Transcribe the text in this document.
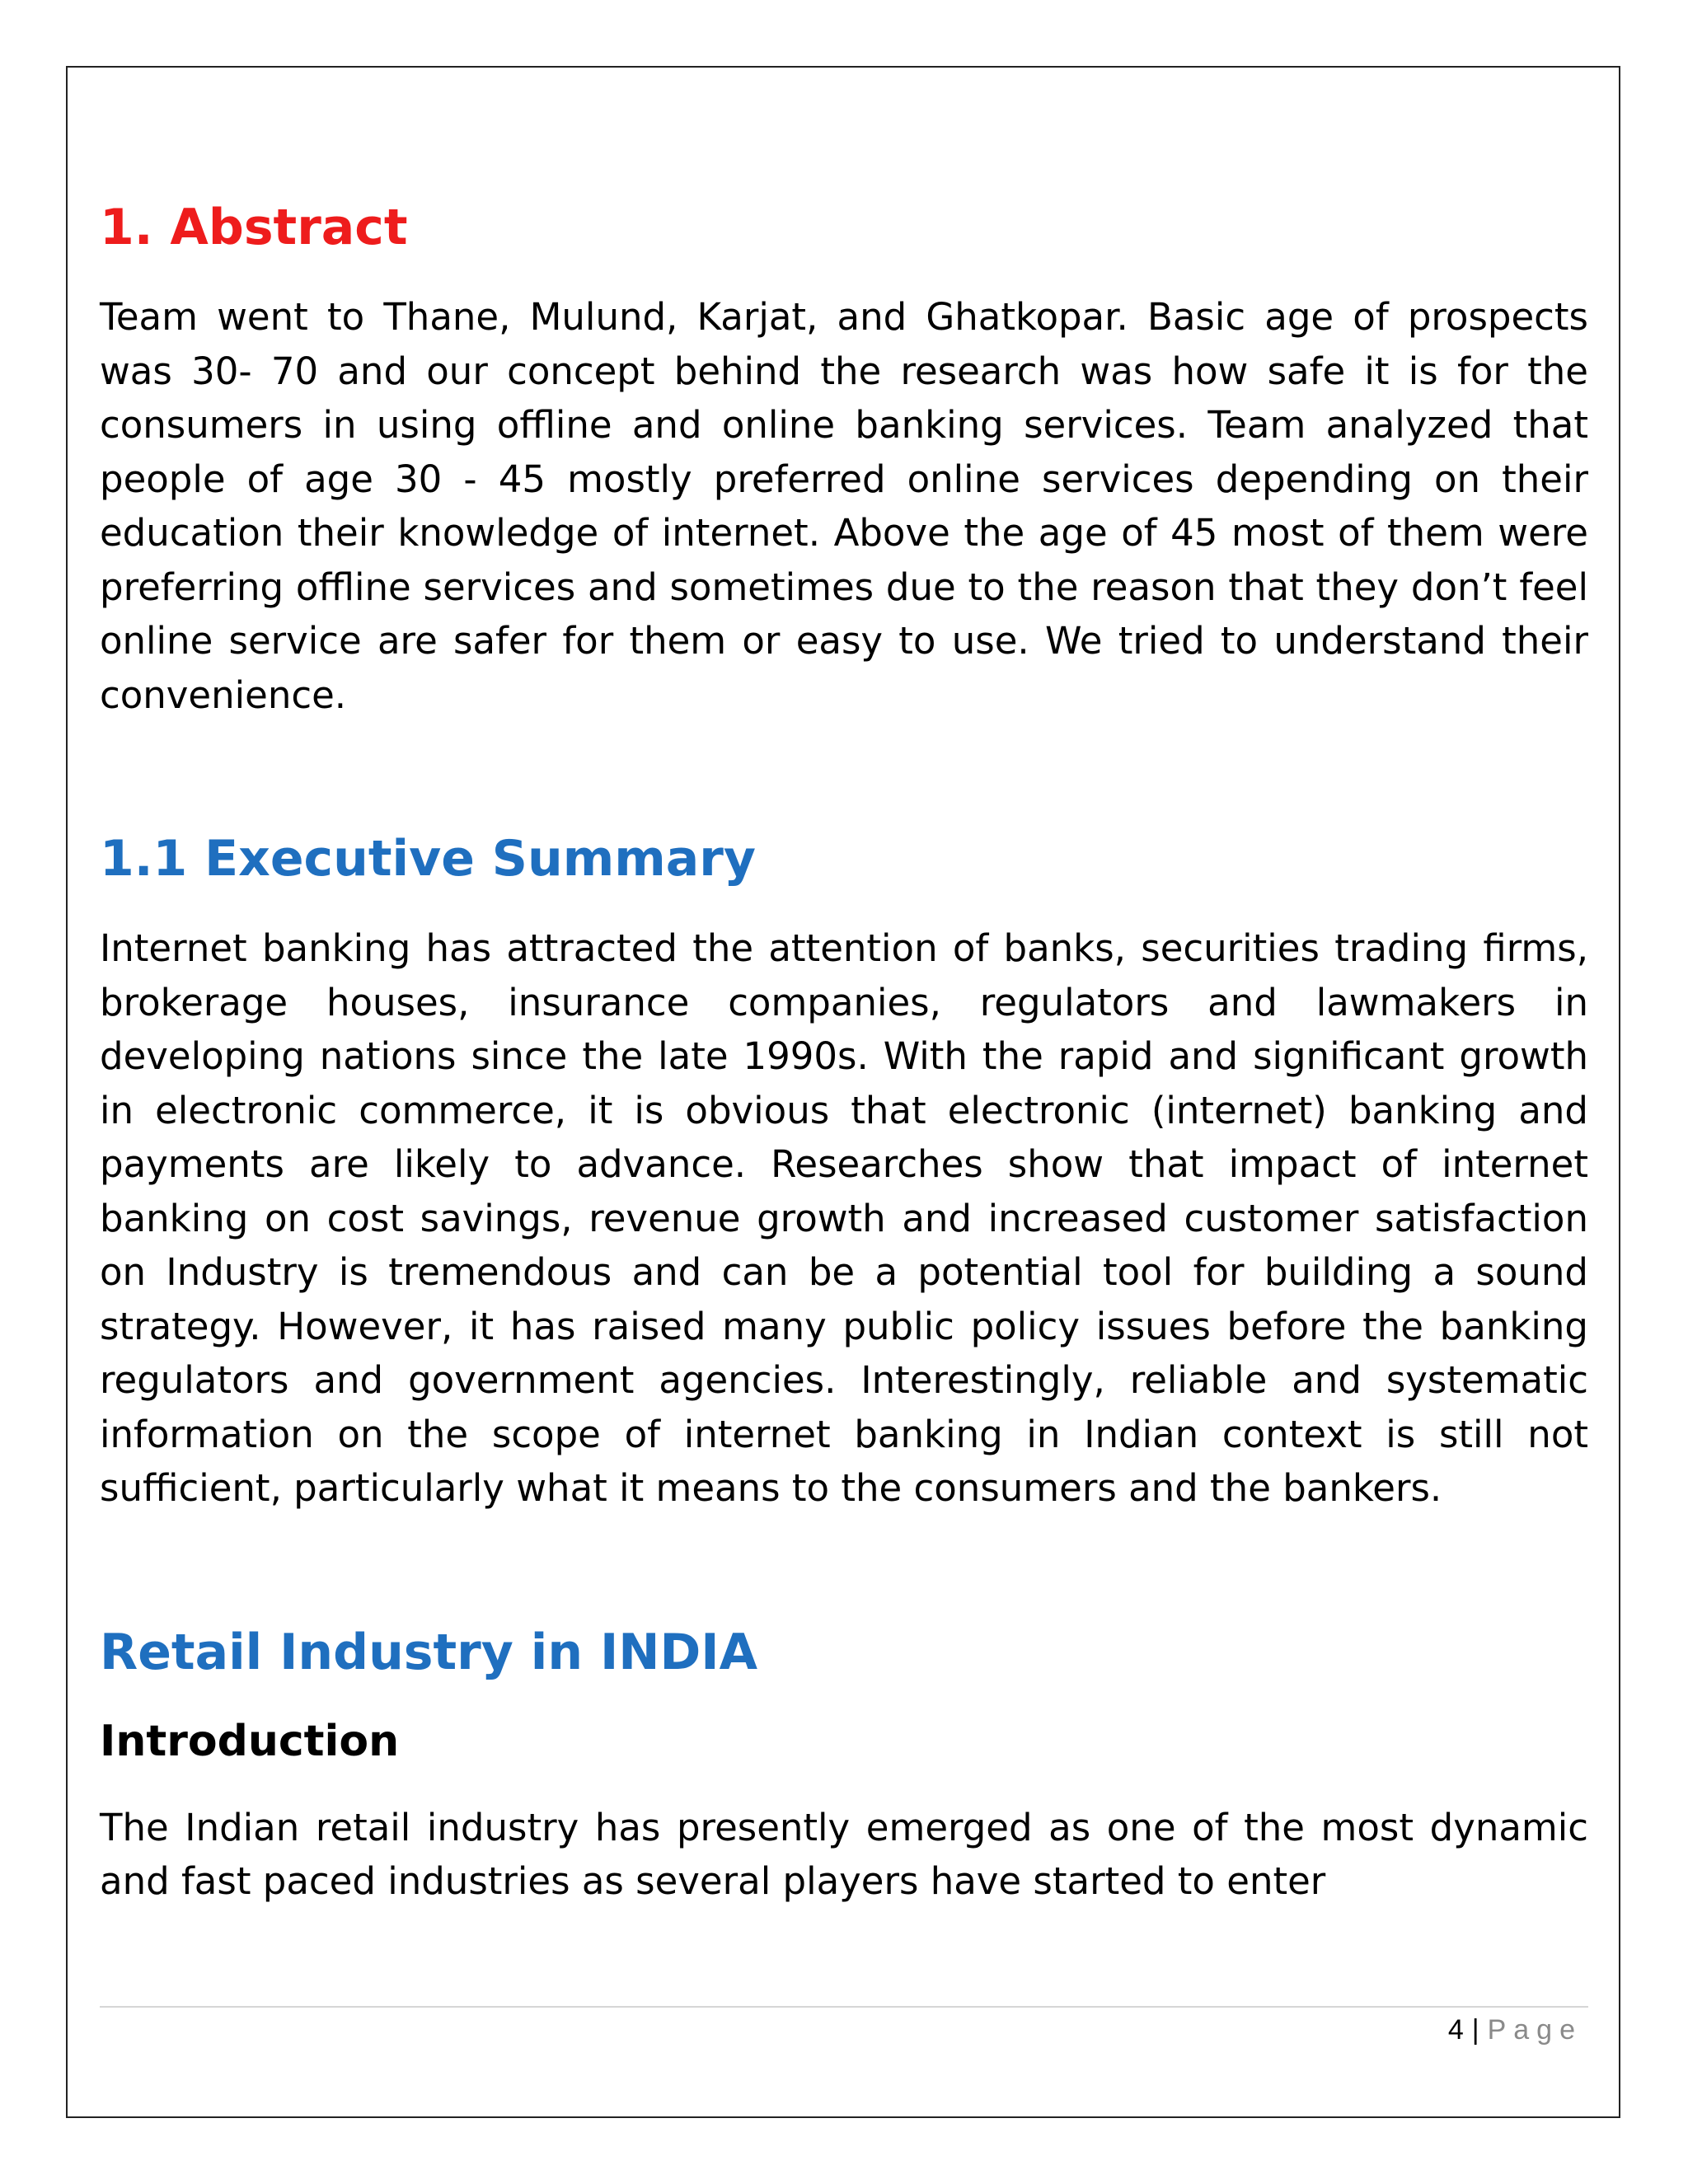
1. Abstract

Team went to Thane, Mulund, Karjat, and Ghatkopar. Basic age of prospects was 30- 70 and our concept behind the research was how safe it is for the consumers in using offline and online banking services. Team analyzed that people of age 30 - 45 mostly preferred online services depending on their education their knowledge of internet. Above the age of 45 most of them were preferring offline services and sometimes due to the reason that they don’t feel online service are safer for them or easy to use. We tried to understand their convenience.

1.1 Executive Summary

Internet banking has attracted the attention of banks, securities trading firms, brokerage houses, insurance companies, regulators and lawmakers in developing nations since the late 1990s. With the rapid and significant growth in electronic commerce, it is obvious that electronic (internet) banking and payments are likely to advance. Researches show that impact of internet banking on cost savings, revenue growth and increased customer satisfaction on Industry is tremendous and can be a potential tool for building a sound strategy. However, it has raised many public policy issues before the banking regulators and government agencies. Interestingly, reliable and systematic information on the scope of internet banking in Indian context is still not sufficient, particularly what it means to the consumers and the bankers.

Retail Industry in INDIA
Introduction

The Indian retail industry has presently emerged as one of the most dynamic and fast paced industries as several players have started to enter

4 | Page
